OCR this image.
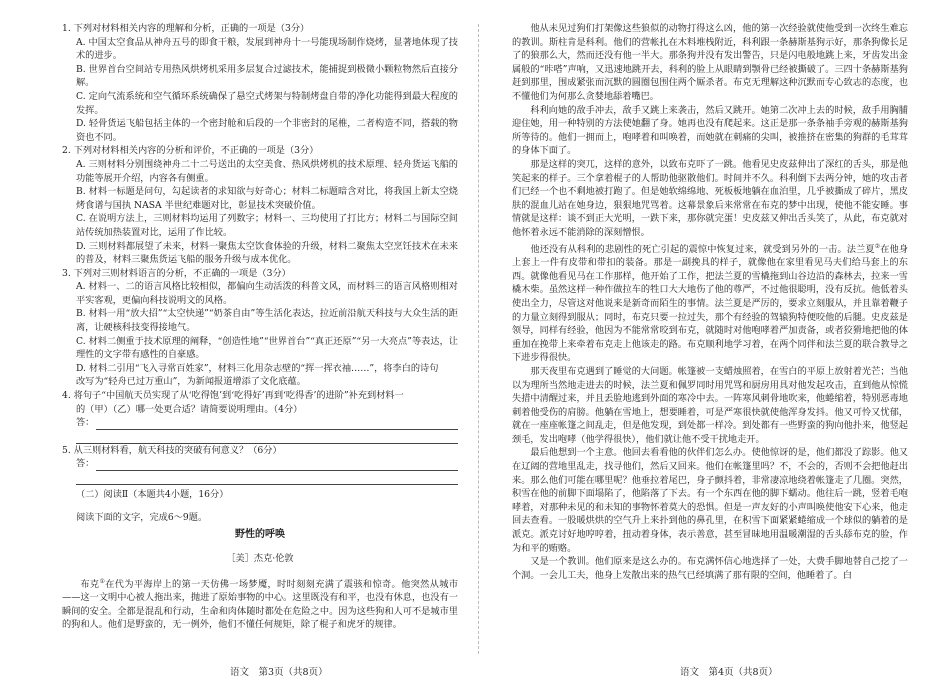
1. 下列对材料相关内容的理解和分析，正确的一项是（3分）

A. 中国太空食品从神舟五号的即食干粮，发展到神舟十一号能现场制作烧烤，显著地体现了技术的进步。

B. 世界首台空间站专用热风烘烤机采用多层复合过滤技术，能捕捉到极微小颗粒物然后直接分解。

C. 定向气流系统和空气循环系统确保了悬空式烤架与特制烤盘自带的净化功能得到最大程度的发挥。

D. 轻骨货运飞船包括主体的一个密封舱和后段的一个非密封的尾椎，二者构造不同，搭载的物资也不同。

2. 下列对材料相关内容的分析和评价，不正确的一项是（3分）

A. 三则材料分别围绕神舟二十二号送出的太空美食、热风烘烤机的技术原理、轻舟货运飞船的功能等展开介绍，内容各有侧重。

B. 材料一标题是问句，勾起读者的求知欲与好奇心；材料二标题暗含对比，将我国上新太空烧烤食谱与国执 NASA 半世纪难题对比，彰显技术突破价值。

C. 在说明方法上，三则材料均运用了列数字；材料一、三均使用了打比方；材料二与国际空间站传统加热装置对比，运用了作比较。

D. 三则材料都展望了未来，材料一聚焦太空饮食体验的升级，材料二聚焦太空烹饪技术在未来的普及，材料三聚焦货运飞船的服务升级与成本优化。

3. 下列对三则材料语言的分析，不正确的一项是（3分）

A. 材料一、二的语言风格比较相似，都偏向生动活泼的科普文风，而材料三的语言风格则相对平实客观，更偏向科技说明文的风格。

B. 材料一用“放大招”“太空快递”“奶茶自由”等生活化表达，拉近前沿航天科技与大众生活的距离，让硬核科技变得接地气。

C. 材料二侧重于技术原理的阐释，“创造性地”“世界首台”“真正还原”“另一大亮点”等表达，让理性的文字带有感性的自豪感。

D. 材料二引用“飞入寻常百姓家”，材料三化用杂志壁的“挥一挥衣袖……”，将李白的诗句

改写为“轻舟已过万重山”，为新闻报道增添了文化底蕴。

4. 将句子“中国航天员实现了从‘吃得饱’到‘吃得好’再到‘吃得香’的进阶”补充到材料一

的（甲）（乙）哪一处更合适？请简要说明理由。（4分）

答：

5. 从三则材料看，航天科技的突破有何意义？（6分）

答：

（二）阅读Ⅱ（本题共4小题，16分）

阅读下面的文字，完成6～9题。

野性的呼唤

［美］杰克·伦敦

布克①在代为平海岸上的第一天仿佛一场梦魇，时时刻刻充满了震骇和惊奇。他突然从城市——这一文明中心被人拖出来，抛进了原始事物的中心。这里既没有和平，也没有休息，也没有一瞬间的安全。全都是混乱和行动，生命和肉体随时都处在危险之中。因为这些狗和人可不是城市里的狗和人。他们是野蛮的，无一例外，他们不懂任何规矩，除了棍子和虎牙的规律。

他从未见过狗们打架像这些狼似的动物打得这么凶，他的第一次经验就使他受到一次终生难忘的教训。斯柱肯是科利。他们的营帐扎在木料堆栈附近，科利跟一条赫斯基狗示好，那条狗像长足了的狼那么大，然而还没有他一半大。那条狗并没有发出警告，只是闪电般地跳上来，牙齿发出金属般的“咔嗒”声响，又迅速地跳开去，科利的脸上从眼睛到颚骨已经被撕破了。三四十条赫斯基狗赶到那里，围成紧张而沉默的圆圈包围住两个厮杀者。布克无理解这种沉默而专心致志的态度，也不懂他们为何那么贪婪地舔着嘴巴。

科利向她的敌手冲去，敌手又跳上来袭击，然后又跳开。她第二次冲上去的时候，敌手用胸脯迎住她，用一种特别的方法使她翻了身。她再也没有爬起来。这正是那一条条袖手旁观的赫斯基狗所等待的。他们一拥而上，咆哮着和叫唤着，而她就在刺痛的尖叫，被推挤在密集的狗群的毛茸茸的身体下面了。

那是这样的突兀，这样的意外，以致布克吓了一跳。他看见史皮兹伸出了深红的舌头，那是他笑起来的样子。三个拿着棍子的人帮助他驱散他们。时间并不久。科利倒下去两分钟，她的攻击者们已经一个也不剩地被打跑了。但是她软绵绵地、死板板地躺在血泊里，几乎被撕成了碎片，黑皮肤的混血儿站在她身边，狠狠地咒骂着。这幕景象后来常常在布克的梦中出现，使他不能安睡。事情就是这样：谈不到正大光明，一跌下来，那你就完蛋！史皮兹又伸出舌头笑了，从此，布克就对他怀着永远不能消除的深刻憎恨。

他还没有从科利的悲剧性的死亡引起的震惊中恢复过来，就受到另外的一击。法兰夏②在他身上套上一件有皮带和带扣的装备。那是一副挽具的样子，就像他在家里看见马夫们给马套上的东西。就像他看见马在工作那样，他开始了工作，把法兰夏的雪橇拖到山谷边沿的森林去，拉来一雪橇木柴。虽然这样一种作做拉车的牲口大大地伤了他的尊严，不过他很聪明，没有反抗。他低着头使出全力，尽管这对他说来是新奇而陌生的事情。法兰夏是严厉的，要求立刻服从，并且靠着鞭子的力量立刻得到服从；同时，布克只要一拉过失，那个有经验的驾辕狗特便咬他的后腿。史皮兹是领导，同样有经验，他因为不能常常咬到布克，就随时对他咆哮着严加责备，或者狡猾地把他的体重加在挽带上来牵着布克走上他该走的路。布克顺利地学习着，在两个同伴和法兰夏的联合教导之下进步得很快。

那天夜里布克遇到了睡觉的大问题。帐篷被一支蜡烛照着，在雪白的平原上放射着光芒；当他以为理所当然地走进去的时候，法兰夏和佩罗同时用咒骂和厨房用具对他发起攻击，直到他从惊慌失措中清醒过来，并且丢脸地逃到外面的寒冷中去。一阵寒风刺骨地吹来，他蜷缩着，特别恶毒地刺着他受伤的肩膀。他躺在雪地上，想要睡着，可是严寒很快就使他浑身发抖。他又可怜又忧郁，就在一座座帐篷之间乱走，但是他发现，到处都一样冷。到处都有一些野蛮的狗向他扑来，他竖起颈毛，发出咆哮（他学得很快），他们就让他不受干扰地走开。

最后他想到一个主意。他回去看看他的伙伴们怎么办。使他惊讶的是，他们都没了踪影。他又在辽阔的营地里乱走，找寻他们，然后又回来。他们在帐篷里吗？不，不会的，否则不会把他赶出来。那么他们可能在哪里呢？他垂拉着尾巴，身子颤抖着，非常凄凉地绕着帐篷走了几圈。突然，积雪在他的前脚下面塌陷了，他陷落了下去。有一个东西在他的脚下蠕动。他往后一跳，竖着毛咆哮着，对那种未见的和未知的事物怀着莫大的恐惧。但是一声友好的小声叫唤使他安下心来，他走回去查看。一股暖烘烘的空气升上来扑到他的鼻孔里，在积雪下面紧紧蜷缩成一个球似的躺着的是派克。派克讨好地哼哼着，扭动着身体，表示善意，甚至冒昧地用温暖潮湿的舌头舔布克的脸，作为和平的贿赂。

又是一个教训。他们原来是这么办的。布克满怀信心地选择了一处，大费手脚地替自己挖了一个洞。一会儿工夫，他身上发散出来的热气已经填满了那有限的空间，他睡着了。白

语文　第3页（共8页）	语文　第4页（共8页）
